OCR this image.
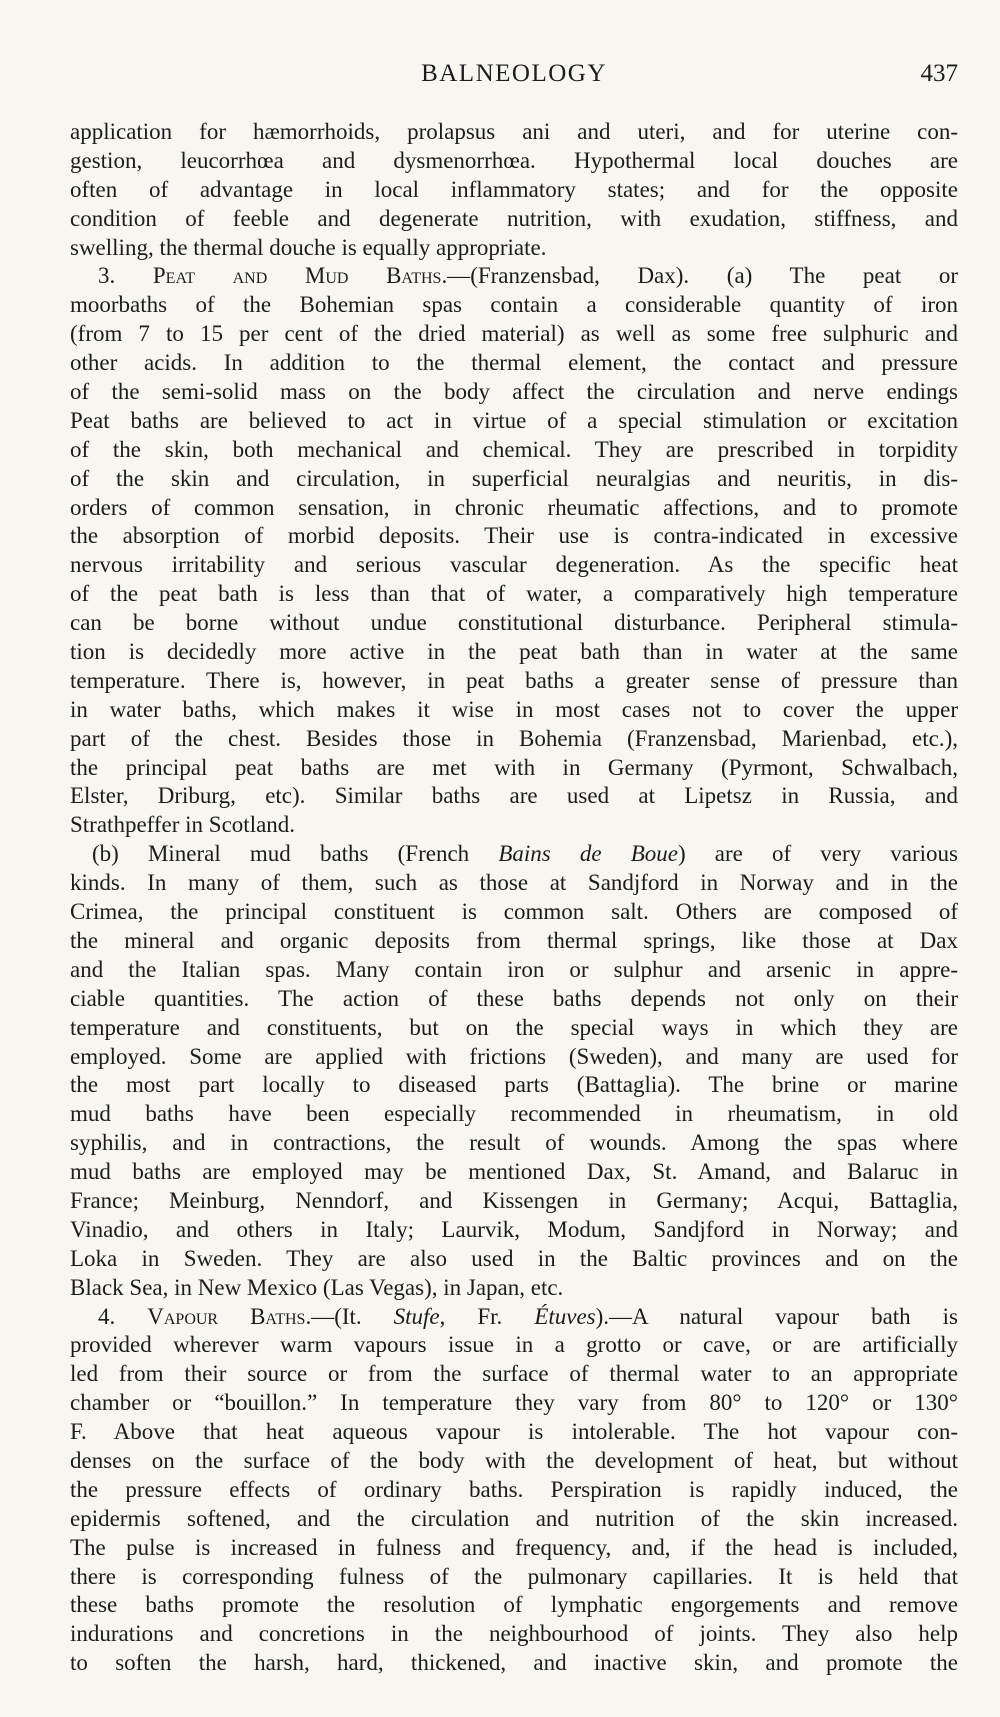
BALNEOLOGY	437
application for hæmorrhoids, prolapsus ani and uteri, and for uterine con-
gestion, leucorrhœa and dysmenorrhœa. Hypothermal local douches are
often of advantage in local inflammatory states; and for the opposite
condition of feeble and degenerate nutrition, with exudation, stiffness, and
swelling, the thermal douche is equally appropriate.
3. Peat and Mud Baths.—(Franzensbad, Dax). (a) The peat or
moorbaths of the Bohemian spas contain a considerable quantity of iron
(from 7 to 15 per cent of the dried material) as well as some free sulphuric and
other acids. In addition to the thermal element, the contact and pressure
of the semi-solid mass on the body affect the circulation and nerve endings
Peat baths are believed to act in virtue of a special stimulation or excitation
of the skin, both mechanical and chemical. They are prescribed in torpidity
of the skin and circulation, in superficial neuralgias and neuritis, in dis-
orders of common sensation, in chronic rheumatic affections, and to promote
the absorption of morbid deposits. Their use is contra-indicated in excessive
nervous irritability and serious vascular degeneration. As the specific heat
of the peat bath is less than that of water, a comparatively high temperature
can be borne without undue constitutional disturbance. Peripheral stimula-
tion is decidedly more active in the peat bath than in water at the same
temperature. There is, however, in peat baths a greater sense of pressure than
in water baths, which makes it wise in most cases not to cover the upper
part of the chest. Besides those in Bohemia (Franzensbad, Marienbad, etc.),
the principal peat baths are met with in Germany (Pyrmont, Schwalbach,
Elster, Driburg, etc). Similar baths are used at Lipetsz in Russia, and
Strathpeffer in Scotland.
(b) Mineral mud baths (French Bains de Boue) are of very various
kinds. In many of them, such as those at Sandjford in Norway and in the
Crimea, the principal constituent is common salt. Others are composed of
the mineral and organic deposits from thermal springs, like those at Dax
and the Italian spas. Many contain iron or sulphur and arsenic in appre-
ciable quantities. The action of these baths depends not only on their
temperature and constituents, but on the special ways in which they are
employed. Some are applied with frictions (Sweden), and many are used for
the most part locally to diseased parts (Battaglia). The brine or marine
mud baths have been especially recommended in rheumatism, in old
syphilis, and in contractions, the result of wounds. Among the spas where
mud baths are employed may be mentioned Dax, St. Amand, and Balaruc in
France; Meinburg, Nenndorf, and Kissengen in Germany; Acqui, Battaglia,
Vinadio, and others in Italy; Laurvik, Modum, Sandjford in Norway; and
Loka in Sweden. They are also used in the Baltic provinces and on the
Black Sea, in New Mexico (Las Vegas), in Japan, etc.
4. Vapour Baths.—(It. Stufe, Fr. Étuves).—A natural vapour bath is
provided wherever warm vapours issue in a grotto or cave, or are artificially
led from their source or from the surface of thermal water to an appropriate
chamber or “bouillon.” In temperature they vary from 80° to 120° or 130°
F. Above that heat aqueous vapour is intolerable. The hot vapour con-
denses on the surface of the body with the development of heat, but without
the pressure effects of ordinary baths. Perspiration is rapidly induced, the
epidermis softened, and the circulation and nutrition of the skin increased.
The pulse is increased in fulness and frequency, and, if the head is included,
there is corresponding fulness of the pulmonary capillaries. It is held that
these baths promote the resolution of lymphatic engorgements and remove
indurations and concretions in the neighbourhood of joints. They also help
to soften the harsh, hard, thickened, and inactive skin, and promote the
